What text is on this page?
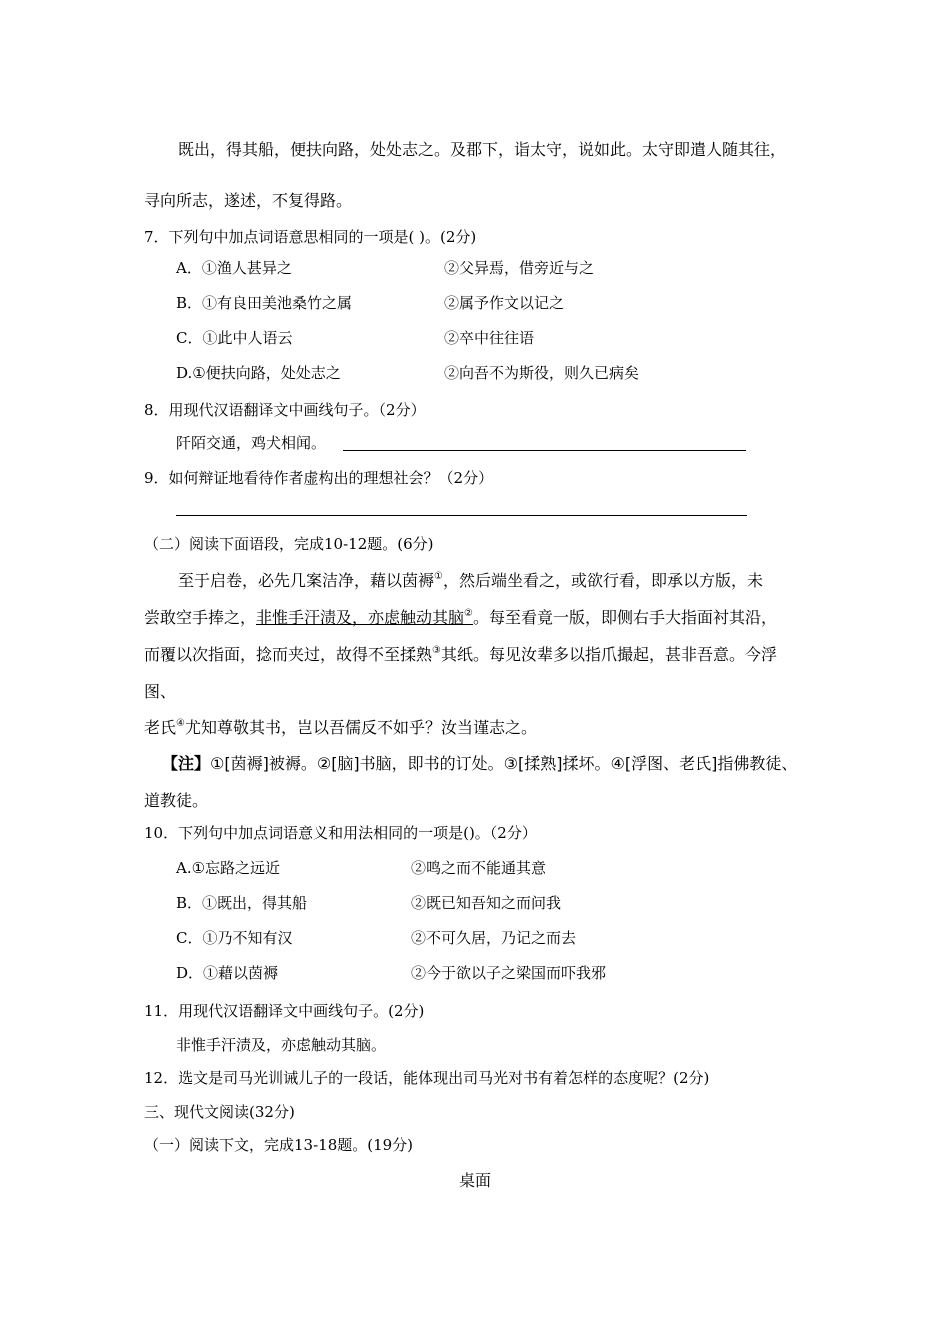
既出，得其船，便扶向路，处处志之。及郡下，诣太守，说如此。太守即遣人随其往，
寻向所志，遂述，不复得路。
7．下列句中加点词语意思相同的一项是( )。(2分)
A．①渔人甚异之	②父异焉，借旁近与之
B．①有良田美池桑竹之属	②属予作文以记之
C．①此中人语云	②卒中往往语
D.①便扶向路，处处志之	②向吾不为斯役，则久已病矣
8．用现代汉语翻译文中画线句子。（2分）
阡陌交通，鸡犬相闻。
9．如何辩证地看待作者虚构出的理想社会？（2分）
（二）阅读下面语段，完成10-12题。(6分)
至于启卷，必先几案洁净，藉以茵褥①，然后端坐看之，或欲行看，即承以方版，未
尝敢空手捧之，非惟手汗渍及，亦虑触动其脑②。每至看竟一版，即侧右手大指面衬其沿，
而覆以次指面，捻而夹过，故得不至揉熟③其纸。每见汝辈多以指爪撮起，甚非吾意。今浮
图、
老氏④尤知尊敬其书，岂以吾儒反不如乎？汝当谨志之。
【注】①[茵褥]被褥。②[脑]书脑，即书的订处。③[揉熟]揉坏。④[浮图、老氏]指佛教徒、
道教徒。
10．下列句中加点词语意义和用法相同的一项是()。（2分）
A.①忘路之远近	②鸣之而不能通其意
B．①既出，得其船	②既已知吾知之而问我
C．①乃不知有汉	②不可久居，乃记之而去
D．①藉以茵褥	②今于欲以子之梁国而吓我邪
11．用现代汉语翻译文中画线句子。(2分)
非惟手汗渍及，亦虑触动其脑。
12．选文是司马光训诫儿子的一段话，能体现出司马光对书有着怎样的态度呢？(2分)
三、现代文阅读(32分)
（一）阅读下文，完成13-18题。(19分)
桌面
